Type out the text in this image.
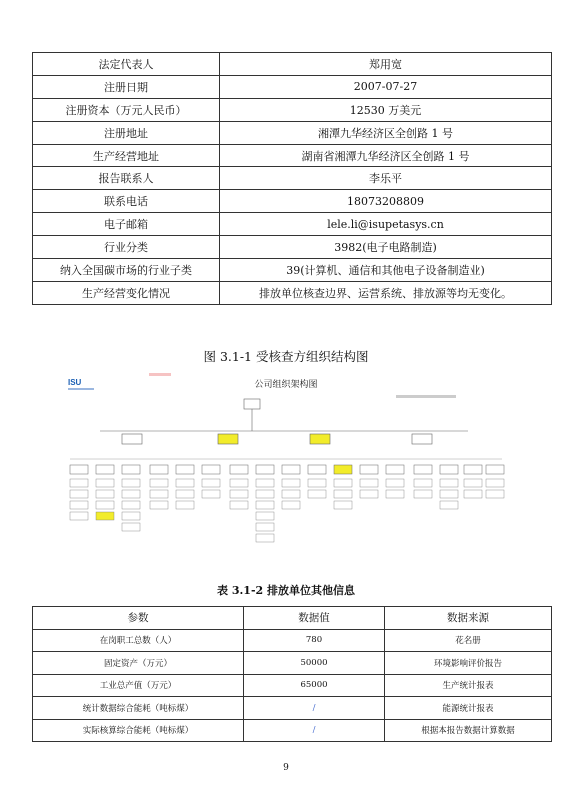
法定代表人	郑用宽
注册日期	2007-07-27
注册资本（万元人民币）	12530 万美元
注册地址	湘潭九华经济区全创路 1 号
生产经营地址	湖南省湘潭九华经济区全创路 1 号
报告联系人	李乐平
联系电话	18073208809
电子邮箱	lele.li@isupetasys.cn
行业分类	3982(电子电路制造)
纳入全国碳市场的行业子类	39(计算机、通信和其他电子设备制造业)
生产经营变化情况	排放单位核查边界、运营系统、排放源等均无变化。
图 3.1-1 受核查方组织结构图
ISU	公司组织架构图
表 3.1-2 排放单位其他信息
参数	数据值	数据来源
在岗职工总数（人）	780	花名册
固定资产（万元）	50000	环境影响评价报告
工业总产值（万元）	65000	生产统计报表
统计数据综合能耗（吨标煤）	/	能源统计报表
实际核算综合能耗（吨标煤）	/	根据本报告数据计算数据
9
